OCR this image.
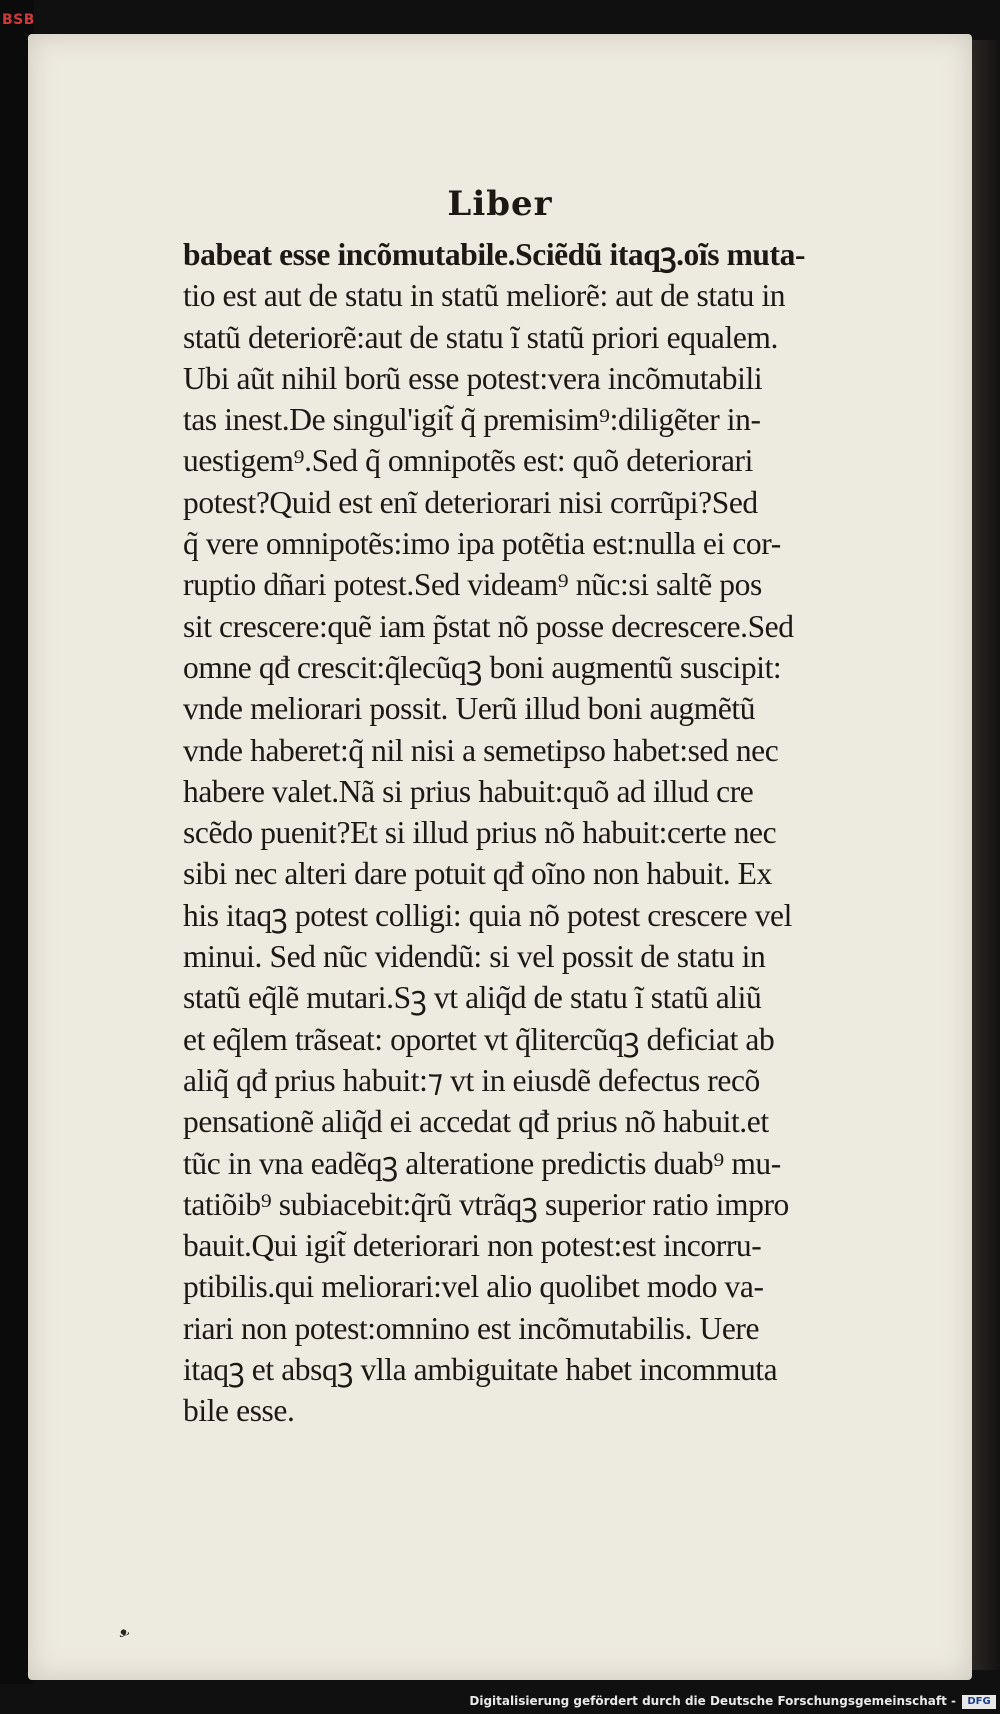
BSB
Liber
babeat esse incõmutabile.Sciẽdũ itaqꝫ.oĩs muta-
tio est aut de statu in statũ meliorẽ: aut de statu in
statũ deteriorẽ:aut de statu ĩ statũ priori equalem.
Ubi aũt nihil borũ esse potest:vera incõmutabili
tas inest.De singul'igit̃ q̃ premisim⁹:diligẽter in-
uestigem⁹.Sed q̃ omnipotẽs est: quõ deteriorari
potest?Quid est enĩ deteriorari nisi corrũpi?Sed
q̃ vere omnipotẽs:imo ipa potẽtia est:nulla ei cor-
ruptio dñari potest.Sed videam⁹ nũc:si saltẽ pos
sit crescere:quẽ iam p̃stat nõ posse decrescere.Sed
omne qđ crescit:q̃lecũqꝫ boni augmentũ suscipit:
vnde meliorari possit. Uerũ illud boni augmẽtũ
vnde haberet:q̃ nil nisi a semetipso habet:sed nec
habere valet.Nã si prius habuit:quõ ad illud cre
scẽdo puenit?Et si illud prius nõ habuit:certe nec
sibi nec alteri dare potuit qđ oĩno non habuit. Ex
his itaqꝫ potest colligi: quia nõ potest crescere vel
minui. Sed nũc videndũ: si vel possit de statu in
statũ eq̃lẽ mutari.Sꝫ vt aliq̃d de statu ĩ statũ aliũ
et eq̃lem trãseat: oportet vt q̃litercũqꝫ deficiat ab
aliq̃ qđ prius habuit:⁊ vt in eiusdẽ defectus recõ
pensationẽ aliq̃d ei accedat qđ prius nõ habuit.et
tũc in vna eadẽqꝫ alteratione predictis duab⁹ mu-
tatiõib⁹ subiacebit:q̃rũ vtrãqꝫ superior ratio impro
bauit.Qui igit̃ deteriorari non potest:est incorru-
ptibilis.qui meliorari:vel alio quolibet modo va-
riari non potest:omnino est incõmutabilis. Uere
itaqꝫ et absqꝫ vlla ambiguitate habet incommuta
bile esse.
ᵜ
Digitalisierung gefördert durch die Deutsche Forschungsgemeinschaft -	DFG
